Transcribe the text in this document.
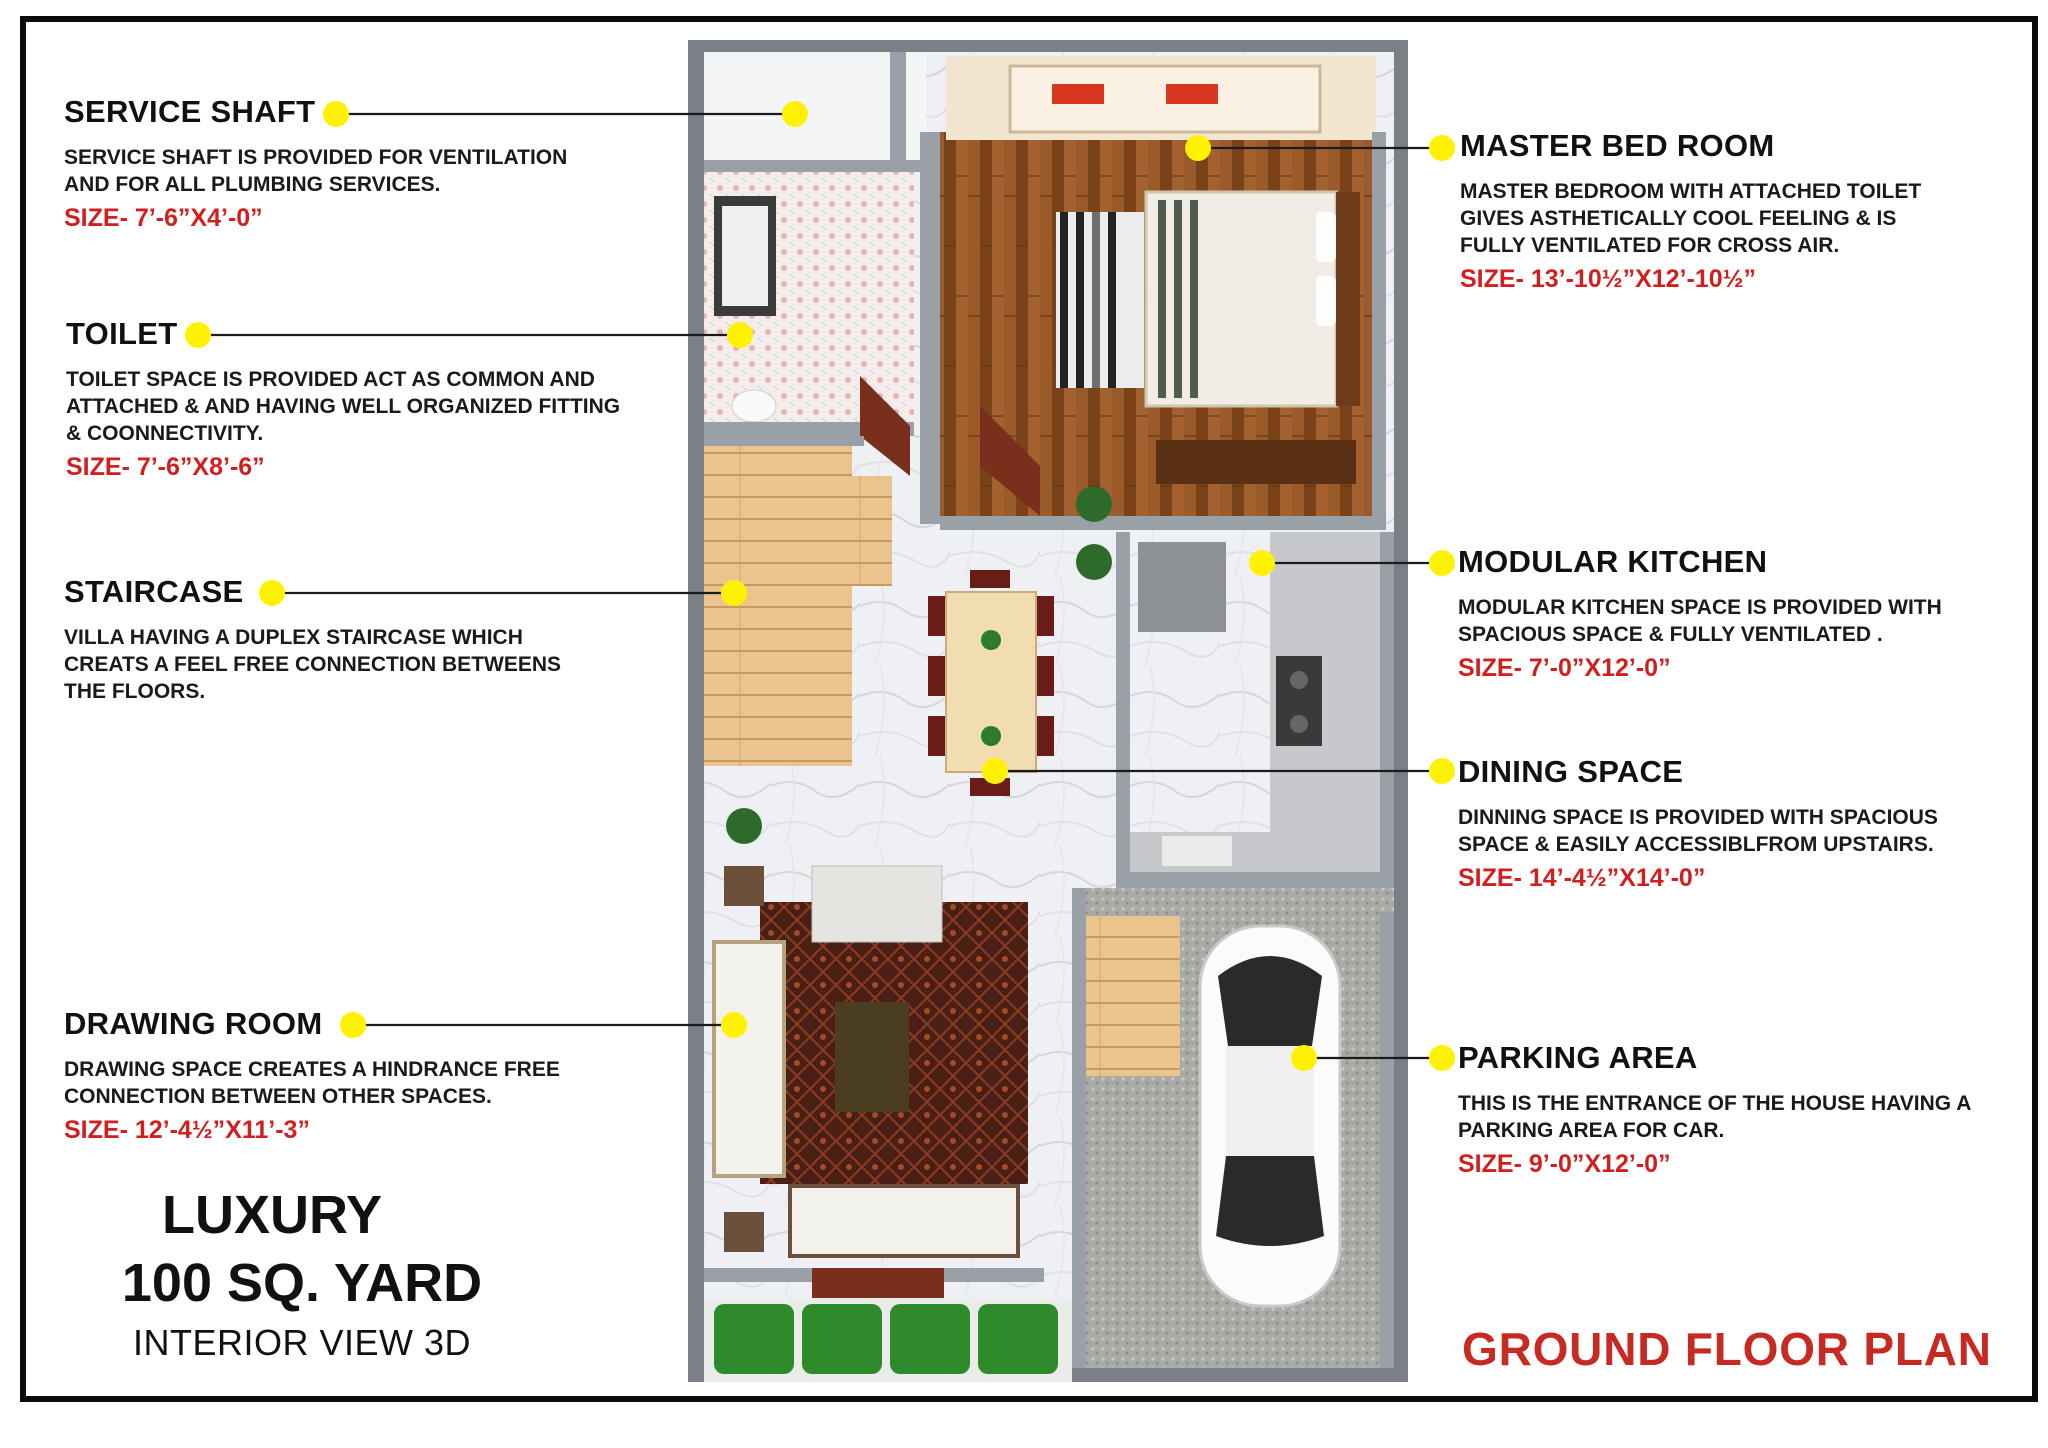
SERVICE SHAFT
SERVICE SHAFT IS PROVIDED FOR VENTILATION
AND FOR ALL PLUMBING SERVICES.
SIZE- 7’-6”X4’-0”
TOILET
TOILET SPACE IS PROVIDED ACT AS COMMON AND
ATTACHED & AND HAVING WELL ORGANIZED FITTING
& COONNECTIVITY.
SIZE- 7’-6”X8’-6”
STAIRCASE
VILLA HAVING A DUPLEX STAIRCASE WHICH
CREATS A FEEL FREE CONNECTION BETWEENS
THE FLOORS.
DRAWING ROOM
DRAWING SPACE CREATES A HINDRANCE FREE
CONNECTION BETWEEN OTHER SPACES.
SIZE- 12’-4½”X11’-3”
MASTER BED ROOM
MASTER BEDROOM WITH ATTACHED TOILET
GIVES ASTHETICALLY COOL FEELING & IS
FULLY VENTILATED FOR CROSS AIR.
SIZE- 13’-10½”X12’-10½”
MODULAR KITCHEN
MODULAR KITCHEN SPACE IS PROVIDED WITH
SPACIOUS SPACE & FULLY VENTILATED .
SIZE- 7’-0”X12’-0”
DINING SPACE
DINNING SPACE IS PROVIDED WITH SPACIOUS
SPACE & EASILY ACCESSIBLFROM UPSTAIRS.
SIZE- 14’-4½”X14’-0”
PARKING AREA
THIS IS THE ENTRANCE OF THE HOUSE HAVING A
PARKING AREA FOR CAR.
SIZE- 9’-0”X12’-0”
LUXURY
100 SQ. YARD
INTERIOR VIEW 3D	GROUND FLOOR PLAN
